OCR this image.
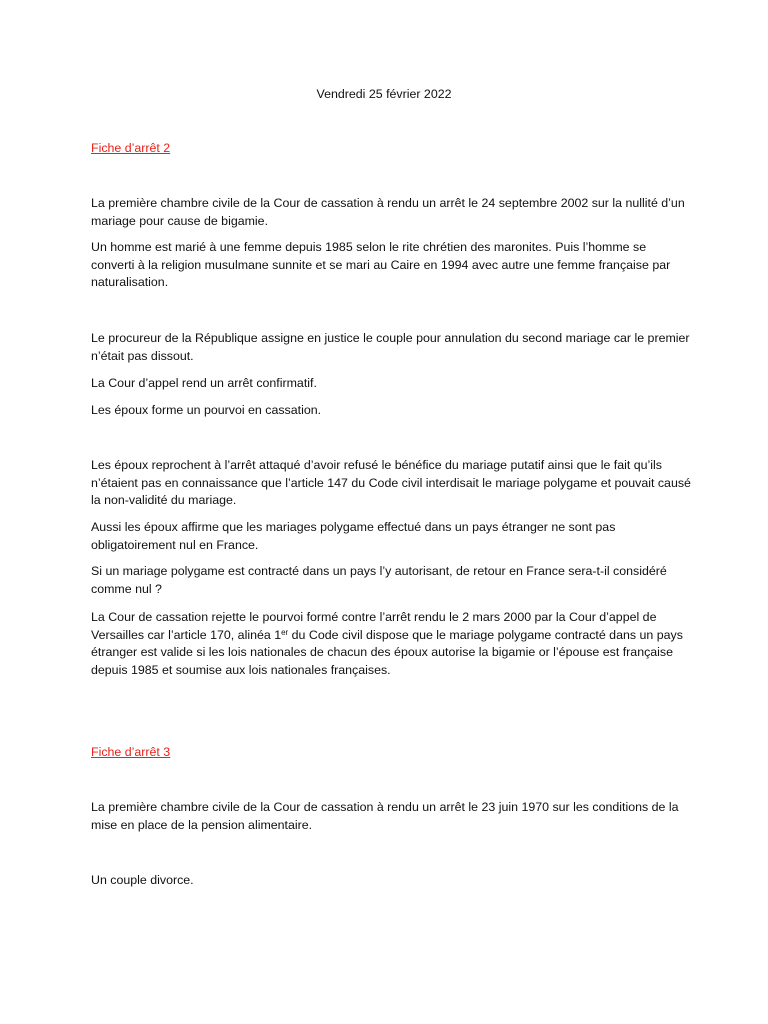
Vendredi 25 février 2022

Fiche d’arrêt 2

La première chambre civile de la Cour de cassation à rendu un arrêt le 24 septembre 2002 sur la nullité d’un mariage pour cause de bigamie.

Un homme est marié à une femme depuis 1985 selon le rite chrétien des maronites. Puis l’homme se converti à la religion musulmane sunnite et se mari au Caire en 1994 avec autre une femme française par naturalisation.

Le procureur de la République assigne en justice le couple pour annulation du second mariage car le premier n’était pas dissout.

La Cour d’appel rend un arrêt confirmatif.

Les époux forme un pourvoi en cassation.

Les époux reprochent à l’arrêt attaqué d’avoir refusé le bénéfice du mariage putatif ainsi que le fait qu’ils n’étaient pas en connaissance que l’article 147 du Code civil interdisait le mariage polygame et pouvait causé la non-validité du mariage.

Aussi les époux affirme que les mariages polygame effectué dans un pays étranger ne sont pas obligatoirement nul en France.

Si un mariage polygame est contracté dans un pays l’y autorisant, de retour en France sera-t-il considéré comme nul ?

La Cour de cassation rejette le pourvoi formé contre l’arrêt rendu le 2 mars 2000 par la Cour d’appel de Versailles car l’article 170, alinéa 1er du Code civil dispose que le mariage polygame contracté dans un pays étranger est valide si les lois nationales de chacun des époux autorise la bigamie or l’épouse est française depuis 1985 et soumise aux lois nationales françaises.

Fiche d’arrêt 3

La première chambre civile de la Cour de cassation à rendu un arrêt le 23 juin 1970 sur les conditions de la mise en place de la pension alimentaire.

Un couple divorce.
